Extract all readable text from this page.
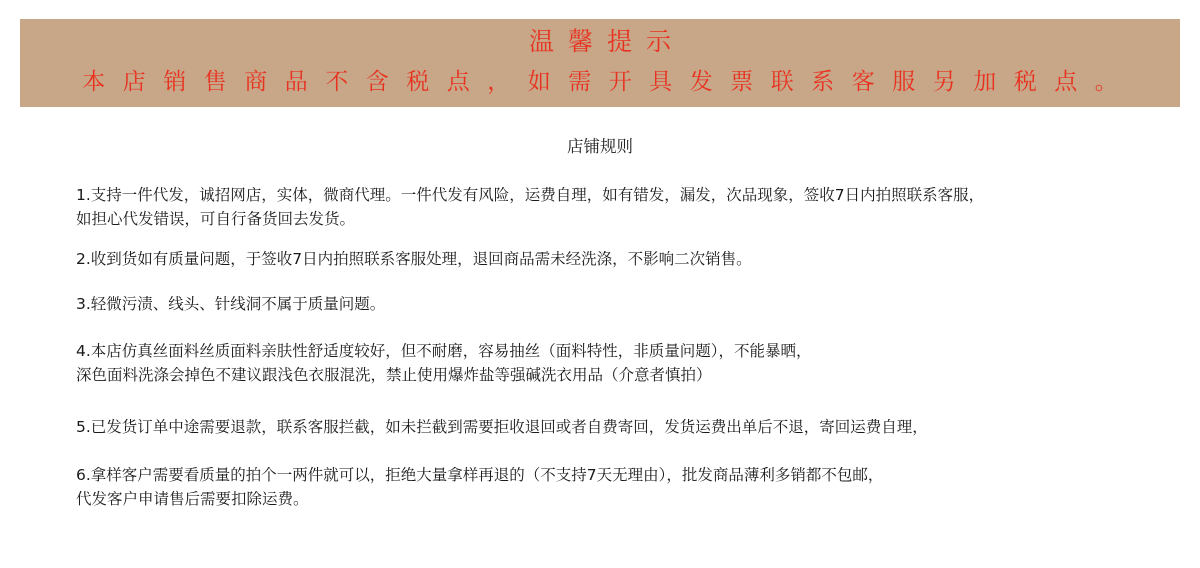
温馨提示
本店销售商品不含税点，如需开具发票联系客服另加税点。
店铺规则
1.支持一件代发，诚招网店，实体，微商代理。一件代发有风险，运费自理，如有错发，漏发，次品现象，签收7日内拍照联系客服，
如担心代发错误，可自行备货回去发货。
2.收到货如有质量问题，于签收7日内拍照联系客服处理，退回商品需未经洗涤，不影响二次销售。
3.轻微污渍、线头、针线洞不属于质量问题。
4.本店仿真丝面料丝质面料亲肤性舒适度较好，但不耐磨，容易抽丝（面料特性，非质量问题），不能暴晒，
深色面料洗涤会掉色不建议跟浅色衣服混洗，禁止使用爆炸盐等强碱洗衣用品（介意者慎拍）
5.已发货订单中途需要退款，联系客服拦截，如未拦截到需要拒收退回或者自费寄回，发货运费出单后不退，寄回运费自理，
6.拿样客户需要看质量的拍个一两件就可以，拒绝大量拿样再退的（不支持7天无理由），批发商品薄利多销都不包邮，
代发客户申请售后需要扣除运费。
